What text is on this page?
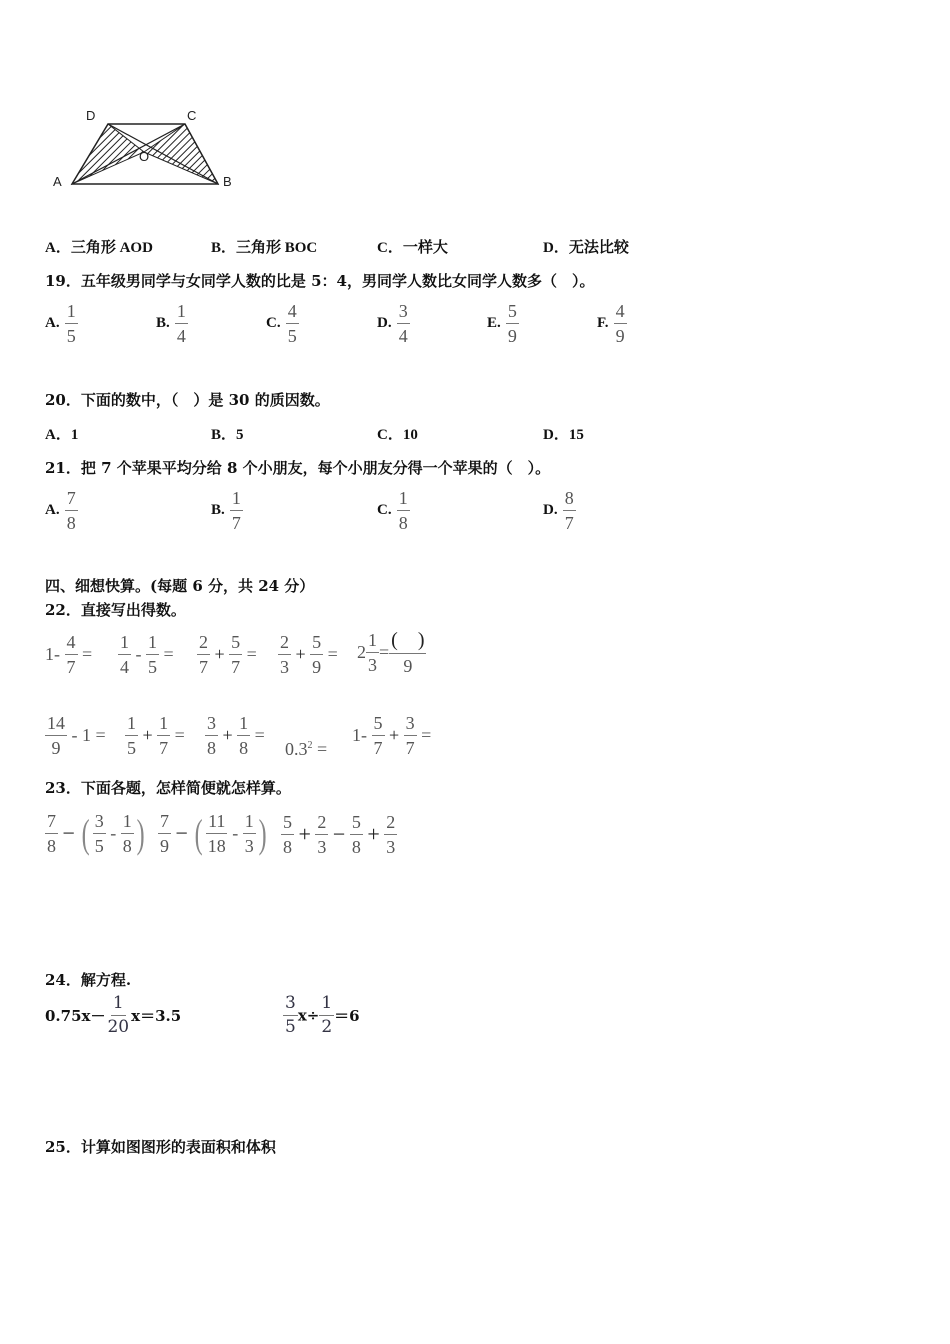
D	C
O
A	B
A．三角形 AOD	B．三角形 BOC	C．一样大	D．无法比较
19．五年级男同学与女同学人数的比是 5：4，男同学人数比女同学人数多（　）。
A. $\frac{1}{5}$	B. $\frac{1}{4}$	C. $\frac{4}{5}$	D. $\frac{3}{4}$	E. $\frac{5}{9}$	F. $\frac{4}{9}$
20．下面的数中，（　）是 30 的质因数。
A．1	B．5	C．10	D．15
21．把 7 个苹果平均分给 8 个小朋友，每个小朋友分得一个苹果的（　）。
A. $\frac{7}{8}$	B. $\frac{1}{7}$	C. $\frac{1}{8}$	D. $\frac{8}{7}$
四、细想快算。(每题 6 分，共 24 分）
22．直接写出得数。
$1- \frac{4}{7} = \frac{1}{4} - \frac{1}{5} = \frac{2}{7} + \frac{5}{7} = \frac{2}{3} + \frac{5}{9} = 2 \frac{1}{3}$ =
(　)
9
$\frac{14}{9} - 1 = \frac{1}{5} + \frac{1}{7} = \frac{3}{8} + \frac{1}{8}$ =
$0.3^2$ =
$1- \frac{5}{7} + \frac{3}{7}$ =
23．下面各题，怎样简便就怎样算。
$\frac{7}{8}$ − ( $\frac{3}{5} - \frac{1}{8}$ ) $\frac{7}{9}$ − ( $\frac{11}{18} - \frac{1}{3}$ ) $\frac{5}{8} + \frac{2}{3} - \frac{5}{8} + \frac{2}{3}$
24．解方程.
$0.75x- \frac{1}{20} x=3.5$	$\frac{3}{5} x\div \frac{1}{2} =6$
25．计算如图图形的表面积和体积
